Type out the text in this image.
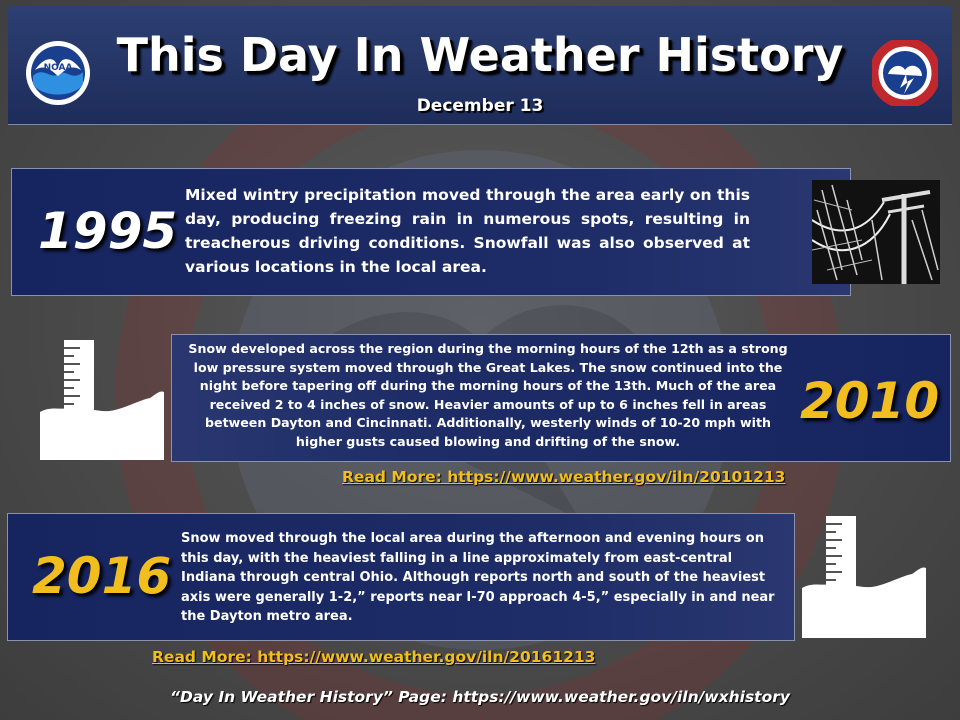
NOAA This Day In Weather History
December 13
1995
Mixed wintry precipitation moved through the area early on this day, producing freezing rain in numerous spots, resulting in treacherous driving conditions. Snowfall was also observed at various locations in the local area.
Snow developed across the region during the morning hours of the 12th as a strong low pressure system moved through the Great Lakes. The snow continued into the night before tapering off during the morning hours of the 13th. Much of the area received 2 to 4 inches of snow. Heavier amounts of up to 6 inches fell in areas between Dayton and Cincinnati. Additionally, westerly winds of 10-20 mph with higher gusts caused blowing and drifting of the snow.
2010
Read More: https://www.weather.gov/iln/20101213
2016
Snow moved through the local area during the afternoon and evening hours on this day, with the heaviest falling in a line approximately from east-central Indiana through central Ohio. Although reports north and south of the heaviest axis were generally 1-2,” reports near I-70 approach 4-5,” especially in and near the Dayton metro area.
Read More: https://www.weather.gov/iln/20161213
“Day In Weather History” Page: https://www.weather.gov/iln/wxhistory
